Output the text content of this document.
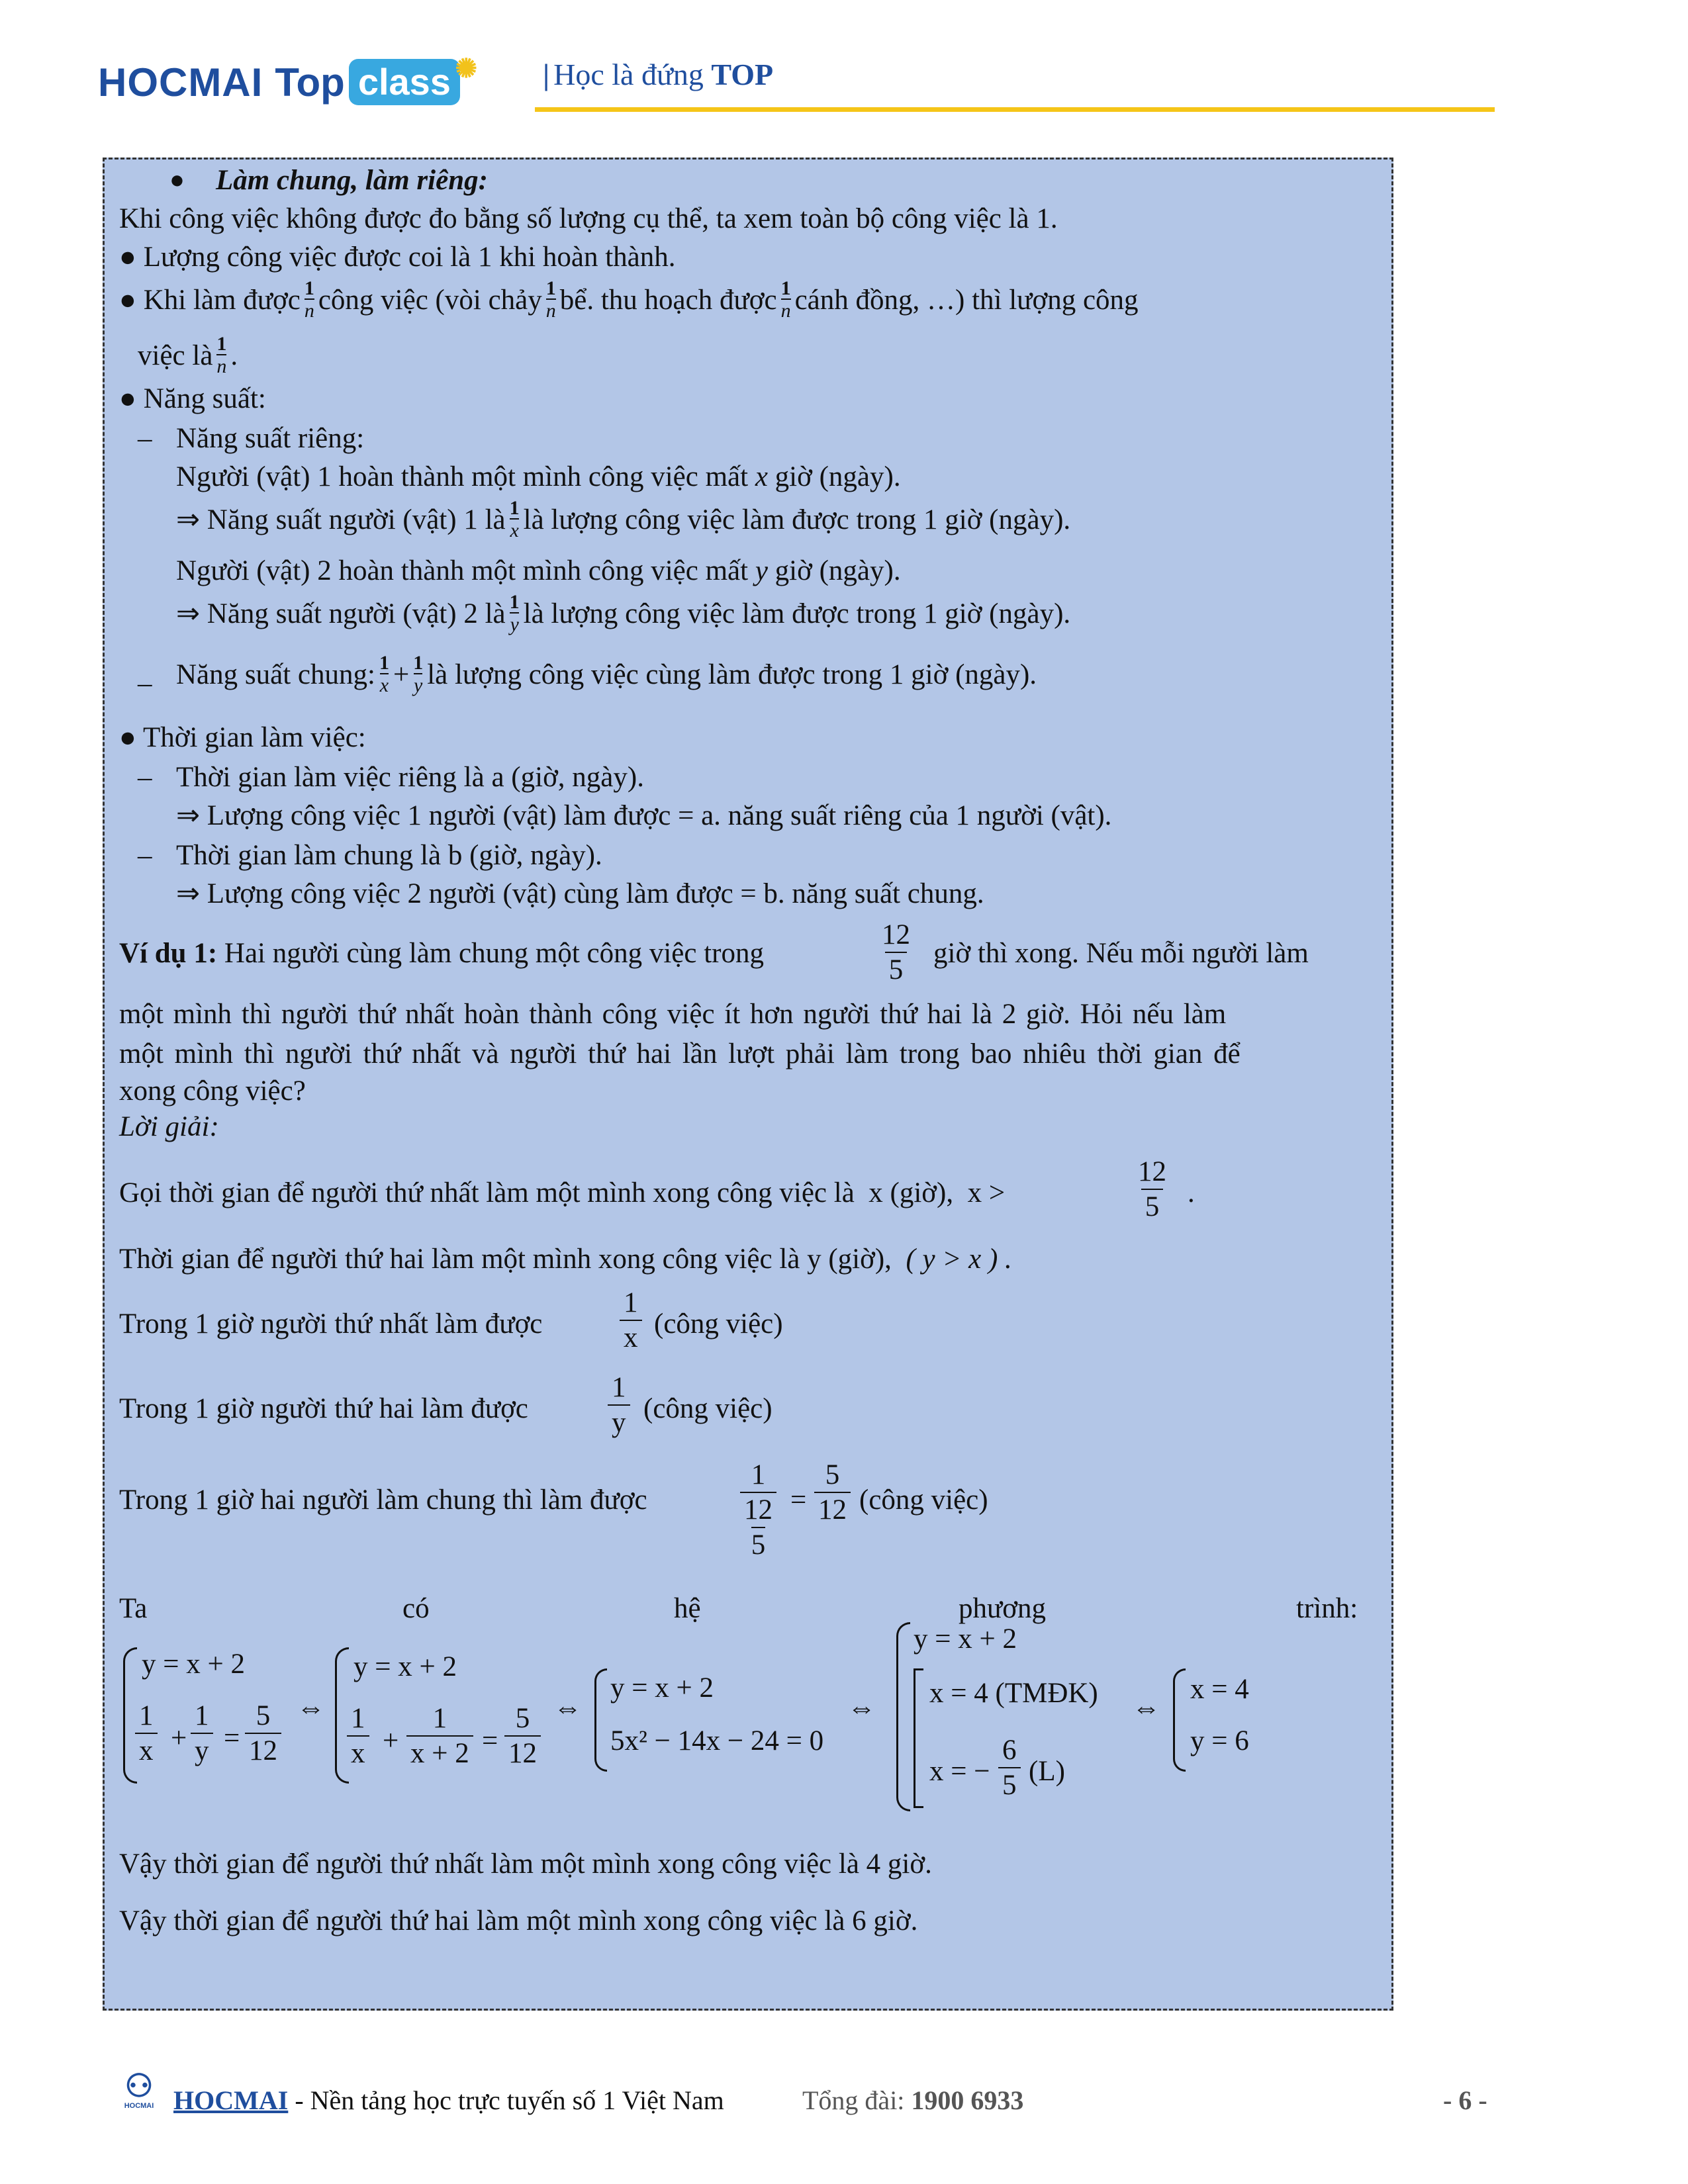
HOCMAI Top class ✺ | Học là đứng TOP
● Làm chung, làm riêng:
Khi công việc không được đo bằng số lượng cụ thể, ta xem toàn bộ công việc là 1.
● Lượng công việc được coi là 1 khi hoàn thành.
● Khi làm được $\frac{1}{n}$ công việc (vòi chảy $\frac{1}{n}$ bể. thu hoạch được $\frac{1}{n}$ cánh đồng, …) thì lượng công
việc là $\frac{1}{n}$ .
● Năng suất:
– Năng suất riêng:
Người (vật) 1 hoàn thành một mình công việc mất x giờ (ngày).
⇒ Năng suất người (vật) 1 là $\frac{1}{x}$ là lượng công việc làm được trong 1 giờ (ngày).
Người (vật) 2 hoàn thành một mình công việc mất y giờ (ngày).
⇒ Năng suất người (vật) 2 là $\frac{1}{y}$ là lượng công việc làm được trong 1 giờ (ngày).
– Năng suất chung: $\frac{1}{x} + \frac{1}{y}$ là lượng công việc cùng làm được trong 1 giờ (ngày).
● Thời gian làm việc:
– Thời gian làm việc riêng là a (giờ, ngày).
⇒ Lượng công việc 1 người (vật) làm được = a. năng suất riêng của 1 người (vật).
– Thời gian làm chung là b (giờ, ngày).
⇒ Lượng công việc 2 người (vật) cùng làm được = b. năng suất chung.
Ví dụ 1: Hai người cùng làm chung một công việc trong	$\frac{12}{5}$ giờ thì xong. Nếu mỗi người làm
một mình thì người thứ nhất hoàn thành công việc ít hơn người thứ hai là 2 giờ. Hỏi nếu làm
một mình thì người thứ nhất và người thứ hai lần lượt phải làm trong bao nhiêu thời gian để
xong công việc?
Lời giải:
Gọi thời gian để người thứ nhất làm một mình xong công việc là x (giờ), x >	$\frac{12}{5}$ .
Thời gian để người thứ hai làm một mình xong công việc là y (giờ), ( y > x ) .
Trong 1 giờ người thứ nhất làm được	$\frac{1}{x}$ (công việc)
Trong 1 giờ người thứ hai làm được	$\frac{1}{y}$ (công việc)
Trong 1 giờ hai người làm chung thì làm được	$\frac{1}{\frac{12}{5}} = \frac{5}{12}$ (công việc)
Ta	có	hệ	phương	trình:
y = x + 2
$\frac{1}{x} + \frac{1}{y} = \frac{5}{12}$ ⇔
y = x + 2
$\frac{1}{x} + \frac{1}{x + 2} = \frac{5}{12}$ ⇔
y = x + 2
5x² − 14x − 24 = 0
⇔
y = x + 2
x = 4 (TMĐK)
x = − $\frac{6}{5} (L)$
⇔
x = 4
y = 6
Vậy thời gian để người thứ nhất làm một mình xong công việc là 4 giờ.
Vậy thời gian để người thứ hai làm một mình xong công việc là 6 giờ.
⚇
HOCMAI HOCMAI - Nền tảng học trực tuyến số 1 Việt Nam	Tổng đài: 1900 6933	- 6 -
